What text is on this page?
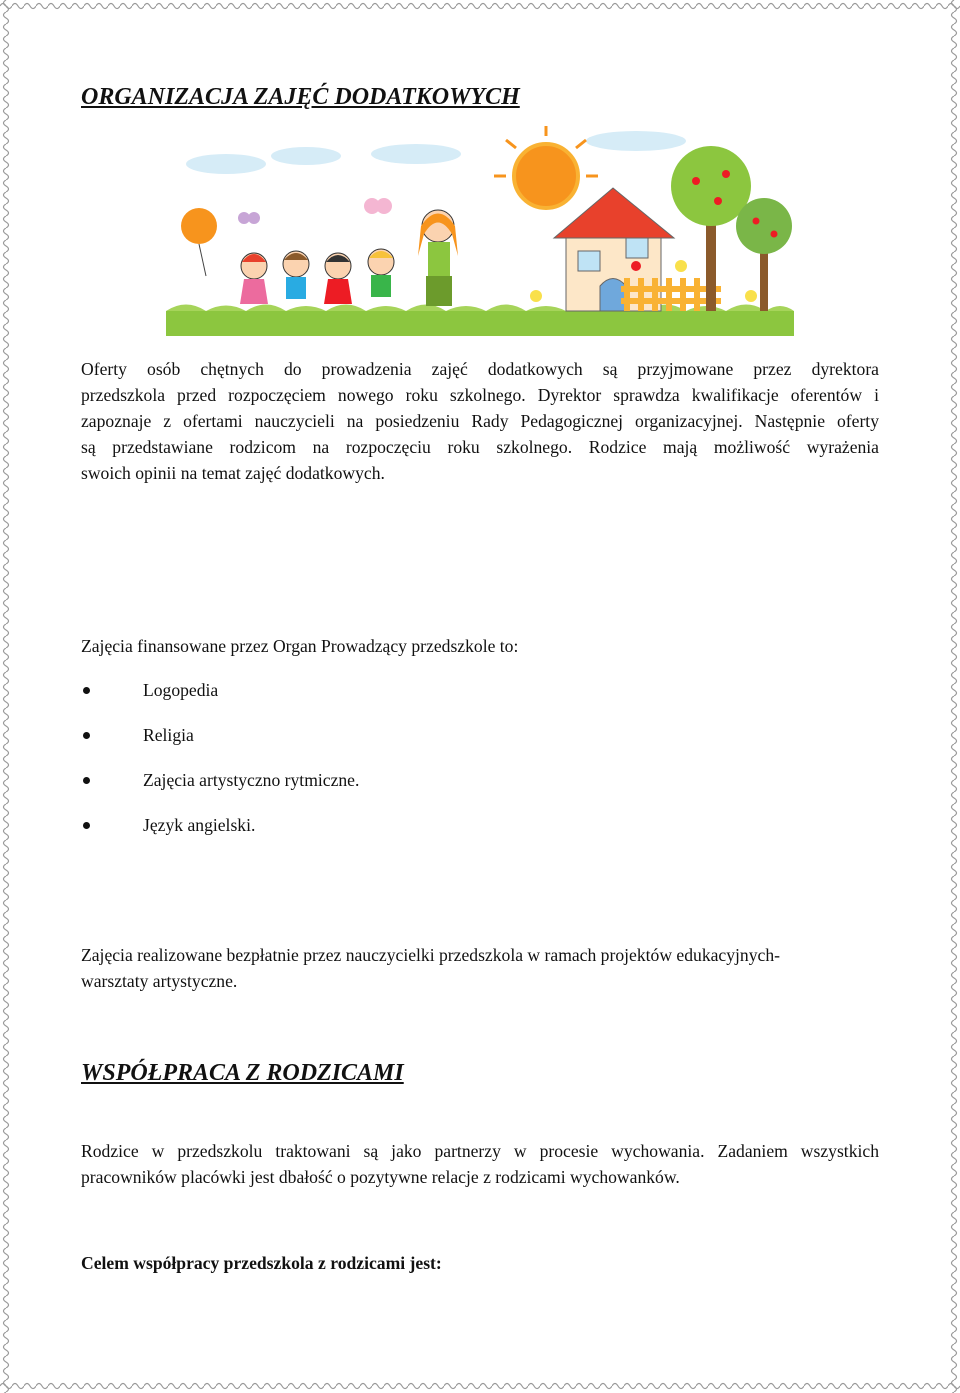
ORGANIZACJA ZAJĘĆ DODATKOWYCH

Oferty osób chętnych do prowadzenia zajęć dodatkowych są przyjmowane przez dyrektora

przedszkola przed rozpoczęciem nowego roku szkolnego. Dyrektor sprawdza kwalifikacje oferentów i

zapoznaje z ofertami nauczycieli na posiedzeniu Rady Pedagogicznej organizacyjnej. Następnie oferty

są przedstawiane rodzicom na rozpoczęciu roku szkolnego. Rodzice mają możliwość wyrażenia

swoich opinii na temat zajęć dodatkowych.

Zajęcia finansowane przez Organ Prowadzący przedszkole to:

Logopedia
Religia
Zajęcia artystyczno rytmiczne.
Język angielski.

Zajęcia realizowane bezpłatnie przez nauczycielki przedszkola w ramach projektów edukacyjnych-

warsztaty artystyczne.

WSPÓŁPRACA Z RODZICAMI

Rodzice w przedszkolu traktowani są jako partnerzy w procesie wychowania. Zadaniem wszystkich

pracowników placówki jest dbałość o pozytywne relacje z rodzicami wychowanków.

Celem współpracy przedszkola z rodzicami jest:
